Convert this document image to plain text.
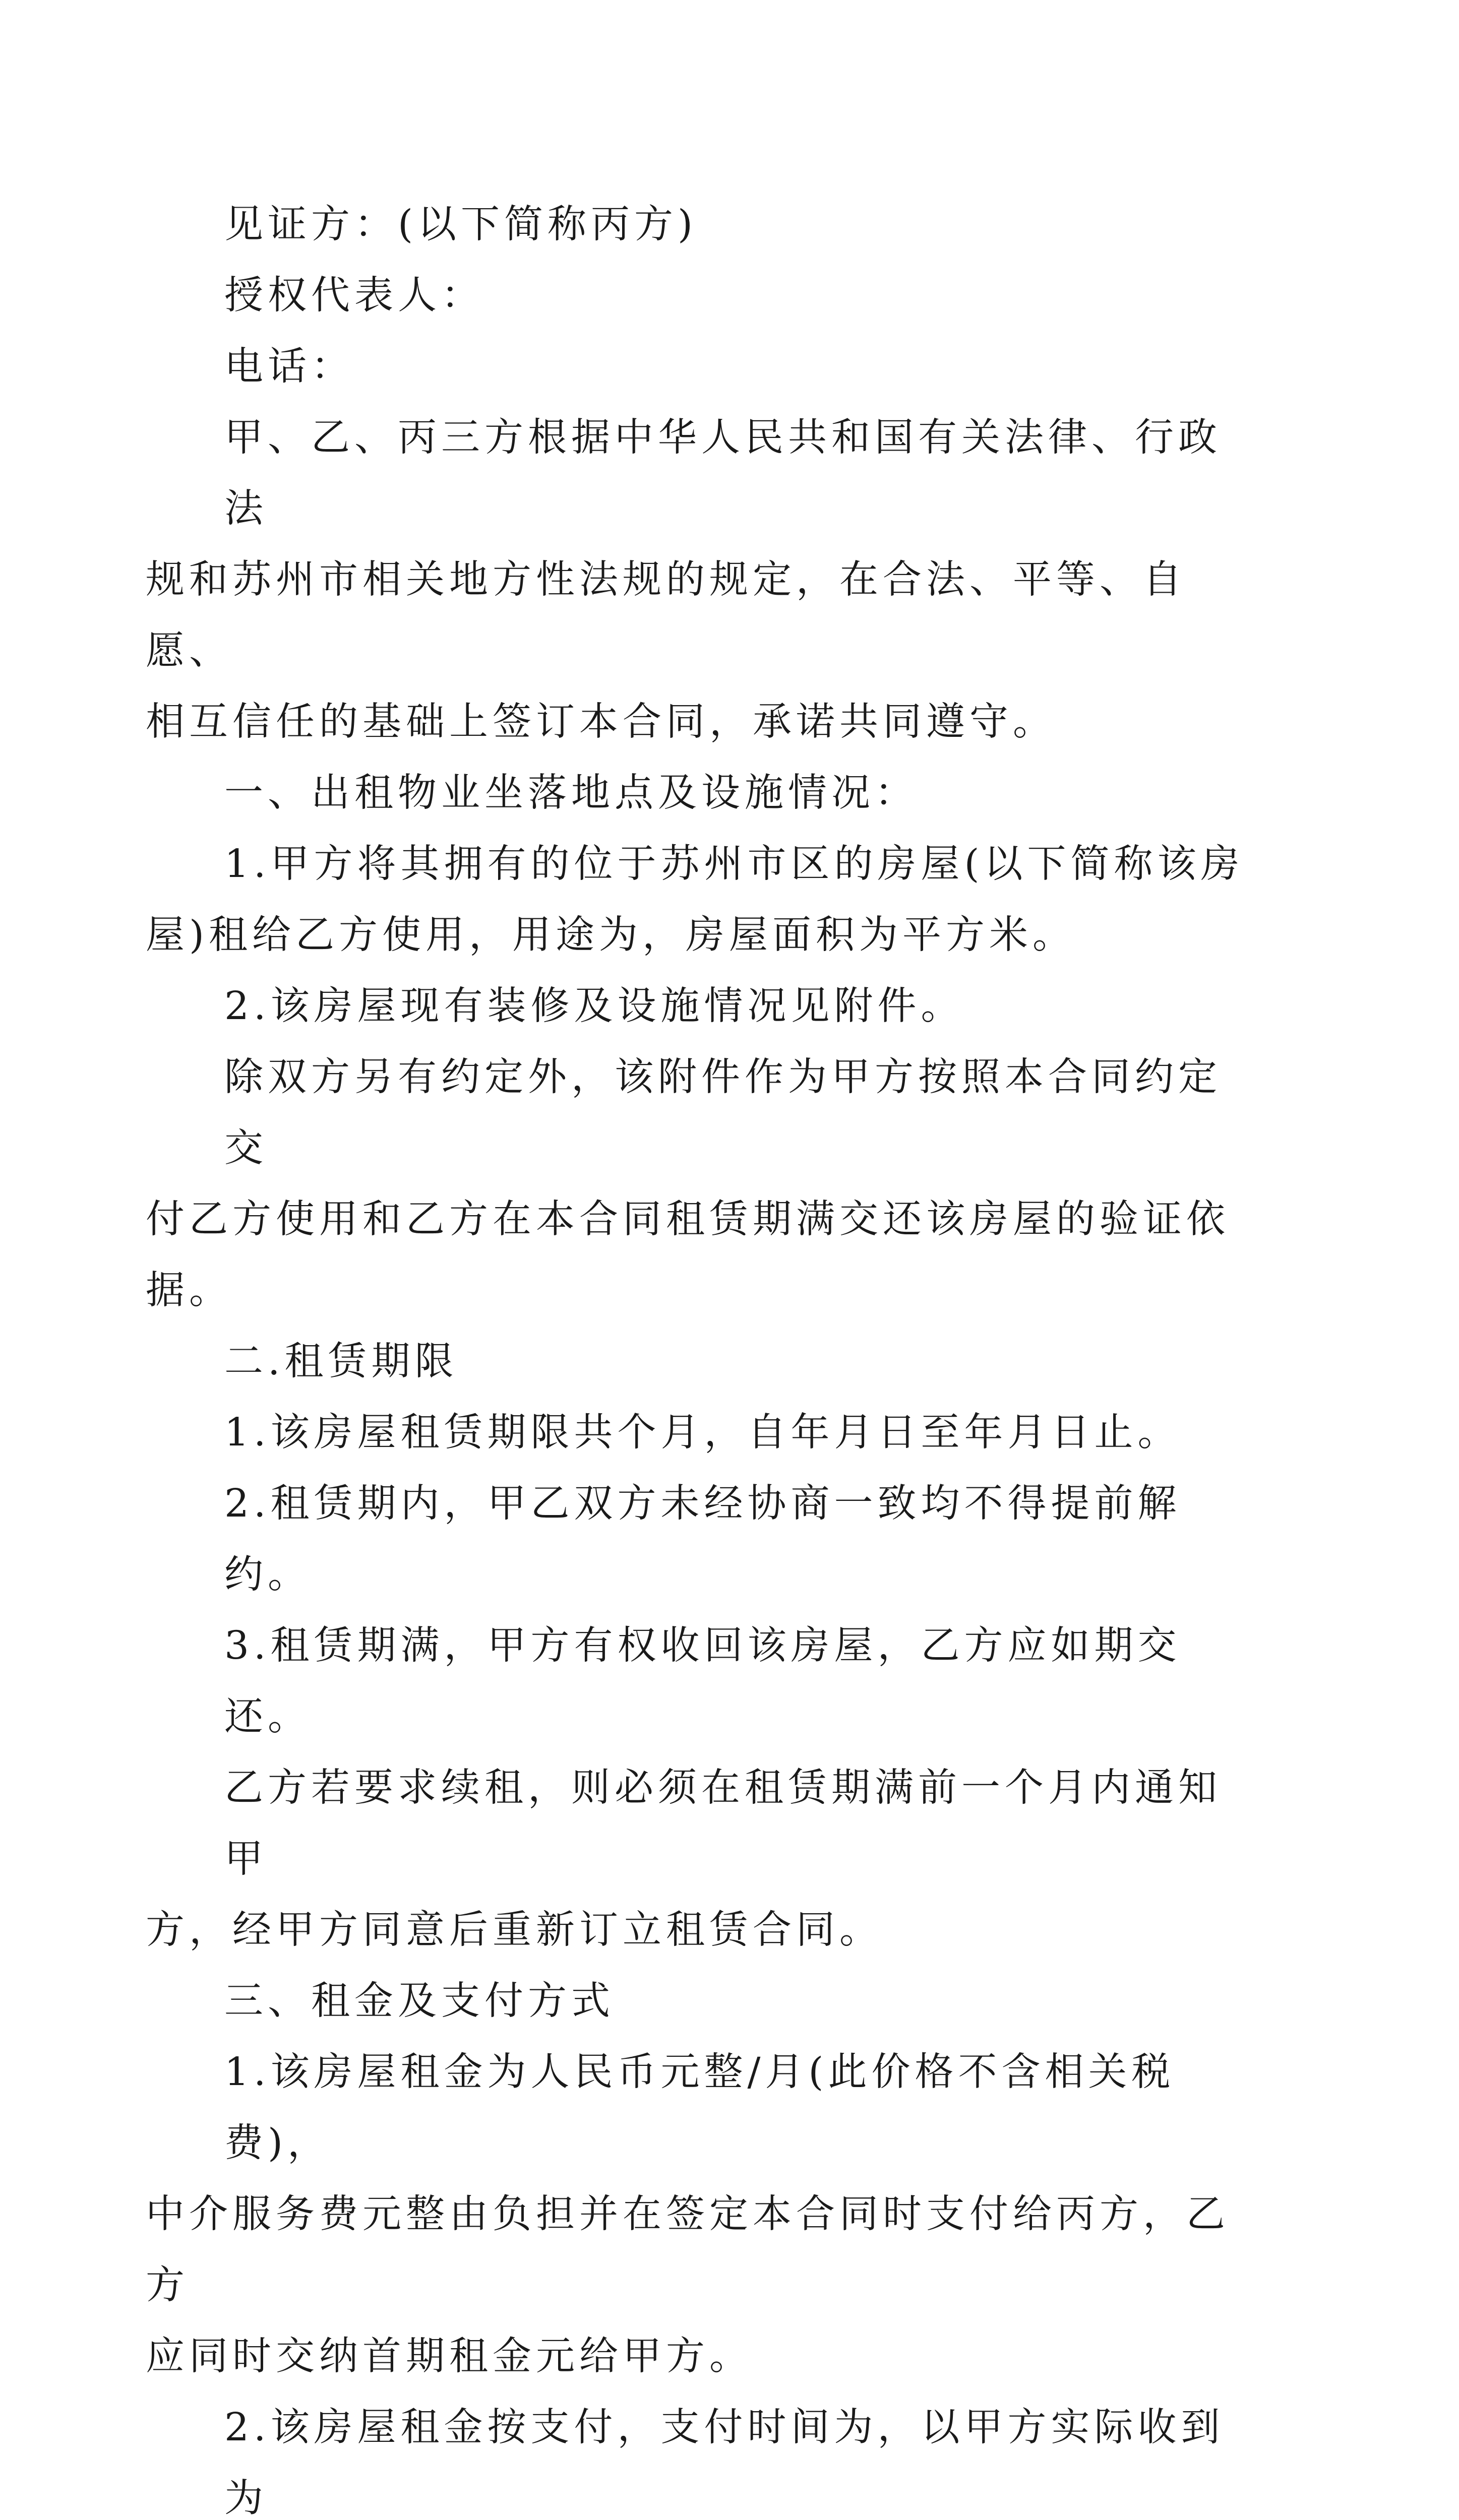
见证方：(以下简称丙方)

授权代表人：

电话：

甲、乙、丙三方根据中华人民共和国有关法律、行政法
规和苏州市相关地方性法规的规定，在合法、平等、自愿、
相互信任的基础上签订本合同，承诺共同遵守。

一、出租物业坐落地点及设施情况：

1.甲方将其拥有的位于苏州市区的房屋(以下简称该房
屋)租给乙方使用，用途为，房屋面积为平方米。

2.该房屋现有装修及设施情况见附件。

除双方另有约定外，该附件作为甲方按照本合同约定交
付乙方使用和乙方在本合同租赁期满交还该房屋的验证依
据。

二.租赁期限

1.该房屋租赁期限共个月，自年月日至年月日止。

2.租赁期内，甲乙双方未经协商一致均不得提前解约。

3.租赁期满，甲方有权收回该房屋，乙方应如期交还。

乙方若要求续租，则必须在租赁期满前一个月内通知甲
方，经甲方同意后重新订立租赁合同。

三、租金及支付方式

1.该房屋租金为人民币元整/月(此价格不含相关税费)，
中介服务费元整由负担并在签定本合同时支付给丙方，乙方
应同时交纳首期租金元给甲方。

2.该房屋租金按支付，支付时间为，以甲方实际收到为
